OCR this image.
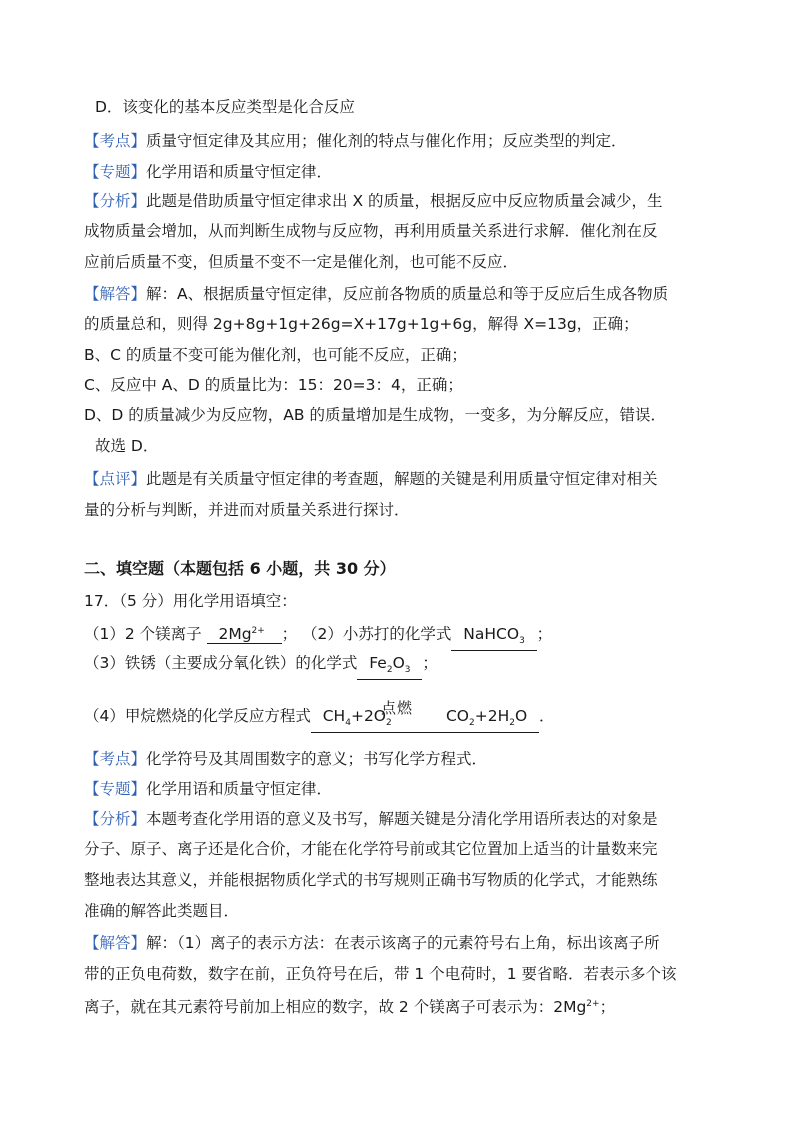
D．该变化的基本反应类型是化合反应
【考点】质量守恒定律及其应用；催化剂的特点与催化作用；反应类型的判定．
【专题】化学用语和质量守恒定律．
【分析】此题是借助质量守恒定律求出 X 的质量，根据反应中反应物质量会减少，生
成物质量会增加，从而判断生成物与反应物，再利用质量关系进行求解．催化剂在反
应前后质量不变，但质量不变不一定是催化剂，也可能不反应．
【解答】解：A、根据质量守恒定律，反应前各物质的质量总和等于反应后生成各物质
的质量总和，则得 2g+8g+1g+26g=X+17g+1g+6g，解得 X=13g，正确；
B、C 的质量不变可能为催化剂，也可能不反应，正确；
C、反应中 A、D 的质量比为：15：20=3：4，正确；
D、D 的质量减少为反应物，AB 的质量增加是生成物，一变多，为分解反应，错误．
故选 D．
【点评】此题是有关质量守恒定律的考查题，解题的关键是利用质量守恒定律对相关
量的分析与判断，并进而对质量关系进行探讨．
二、填空题（本题包括 6 小题，共 30 分）
17．（5 分）用化学用语填空：
（1）2 个镁离子 $2Mg^{2+}$ ； （2）小苏打的化学式 NaHCO$_3$ ；
（3）铁锈（主要成分氧化铁）的化学式 $Fe_2O_3$ ；
点燃
（4）甲烷燃烧的化学反应方程式 $CH_4+2O_2$	$CO_2+2H_2O$ ．
【考点】化学符号及其周围数字的意义；书写化学方程式．
【专题】化学用语和质量守恒定律．
【分析】本题考查化学用语的意义及书写，解题关键是分清化学用语所表达的对象是
分子、原子、离子还是化合价，才能在化学符号前或其它位置加上适当的计量数来完
整地表达其意义，并能根据物质化学式的书写规则正确书写物质的化学式，才能熟练
准确的解答此类题目．
【解答】解：（1）离子的表示方法：在表示该离子的元素符号右上角，标出该离子所
带的正负电荷数，数字在前，正负符号在后，带 1 个电荷时，1 要省略．若表示多个该
离子，就在其元素符号前加上相应的数字，故 2 个镁离子可表示为：$2Mg^{2+}$；
